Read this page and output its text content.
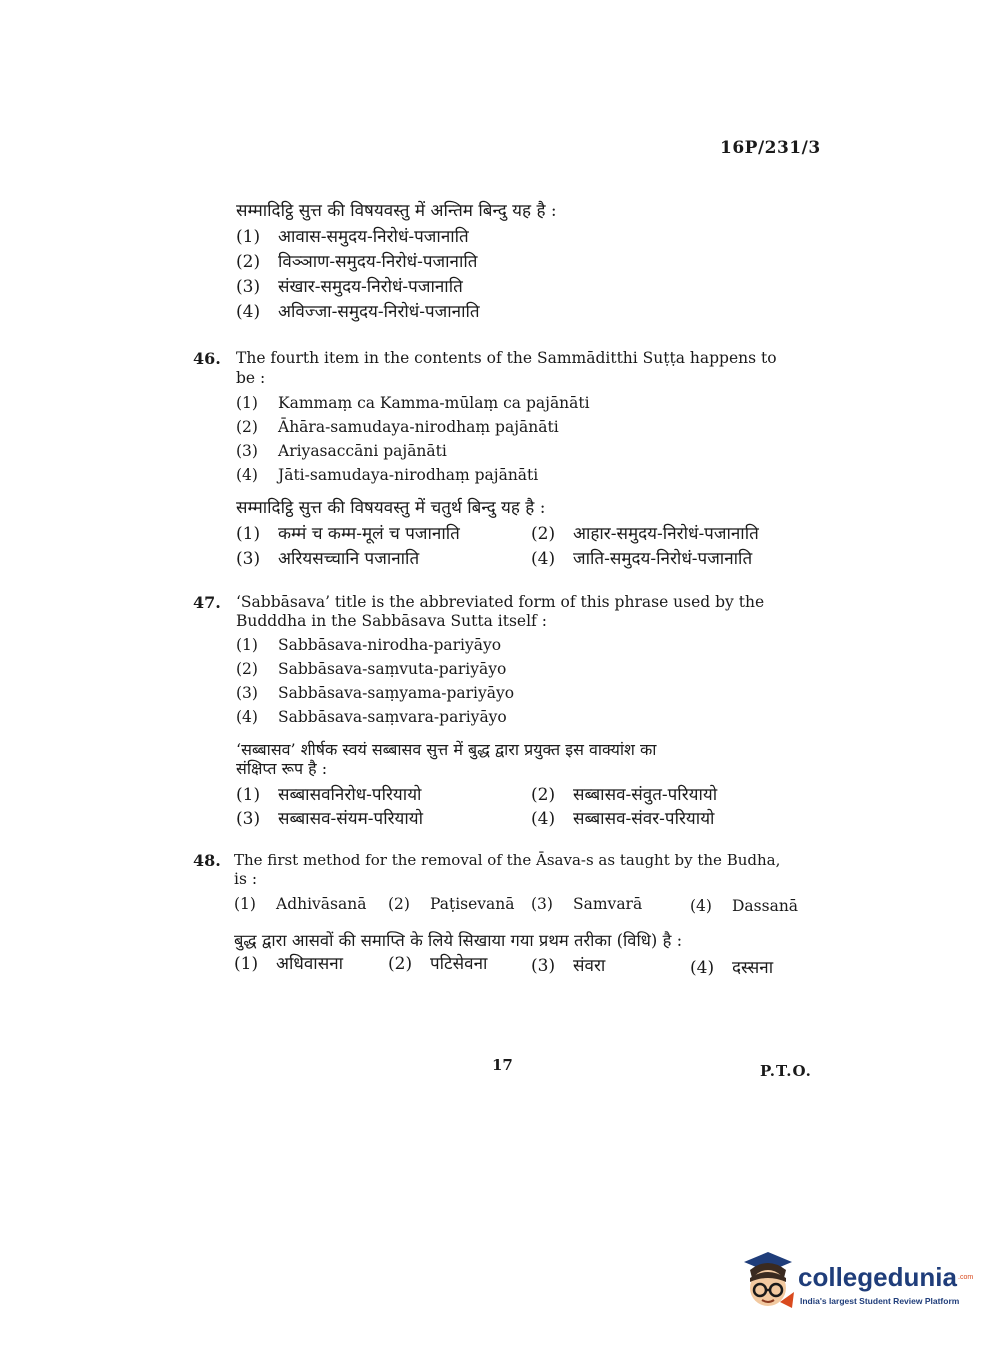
16P/231/3
सम्मादिट्ठि सुत्त की विषयवस्तु में अन्तिम बिन्दु यह है :
(1) आवास-समुदय-निरोधं-पजानाति
(2) विञ्ञाण-समुदय-निरोधं-पजानाति
(3) संखार-समुदय-निरोधं-पजानाति
(4) अविज्जा-समुदय-निरोधं-पजानाति
46. The fourth item in the contents of the Sammāditthi Suṭṭa happens to
be :
(1) Kammaṃ ca Kamma-mūlaṃ ca pajānāti
(2) Āhāra-samudaya-nirodhaṃ pajānāti
(3) Ariyasaccāni pajānāti
(4) Jāti-samudaya-nirodhaṃ pajānāti
सम्मादिट्ठि सुत्त की विषयवस्तु में चतुर्थ बिन्दु यह है :
(1) कम्मं च कम्म-मूलं च पजानाति	(2) आहार-समुदय-निरोधं-पजानाति
(3) अरियसच्चानि पजानाति	(4) जाति-समुदय-निरोधं-पजानाति
47. ‘Sabbāsava’ title is the abbreviated form of this phrase used by the
Budddha in the Sabbāsava Sutta itself :
(1) Sabbāsava-nirodha-pariyāyo
(2) Sabbāsava-saṃvuta-pariyāyo
(3) Sabbāsava-saṃyama-pariyāyo
(4) Sabbāsava-saṃvara-pariyāyo
‘सब्बासव’ शीर्षक स्वयं सब्बासव सुत्त में बुद्ध द्वारा प्रयुक्त इस वाक्यांश का
संक्षिप्त रूप है :
(1) सब्बासवनिरोध-परियायो	(2) सब्बासव-संवुत-परियायो
(3) सब्बासव-संयम-परियायो	(4) सब्बासव-संवर-परियायो
48. The first method for the removal of the Āsava-s as taught by the Budha,
is :
(1) Adhivāsanā (2) Paṭisevanā (3) Samvarā	(4) Dassanā
बुद्ध द्वारा आसवों की समाप्ति के लिये सिखाया गया प्रथम तरीका (विधि) है :
(1) अधिवासना	(2) पटिसेवना	(3) संवरा	(4) दस्सना
17	P.T.O.
collegedunia .com
India's largest Student Review Platform
